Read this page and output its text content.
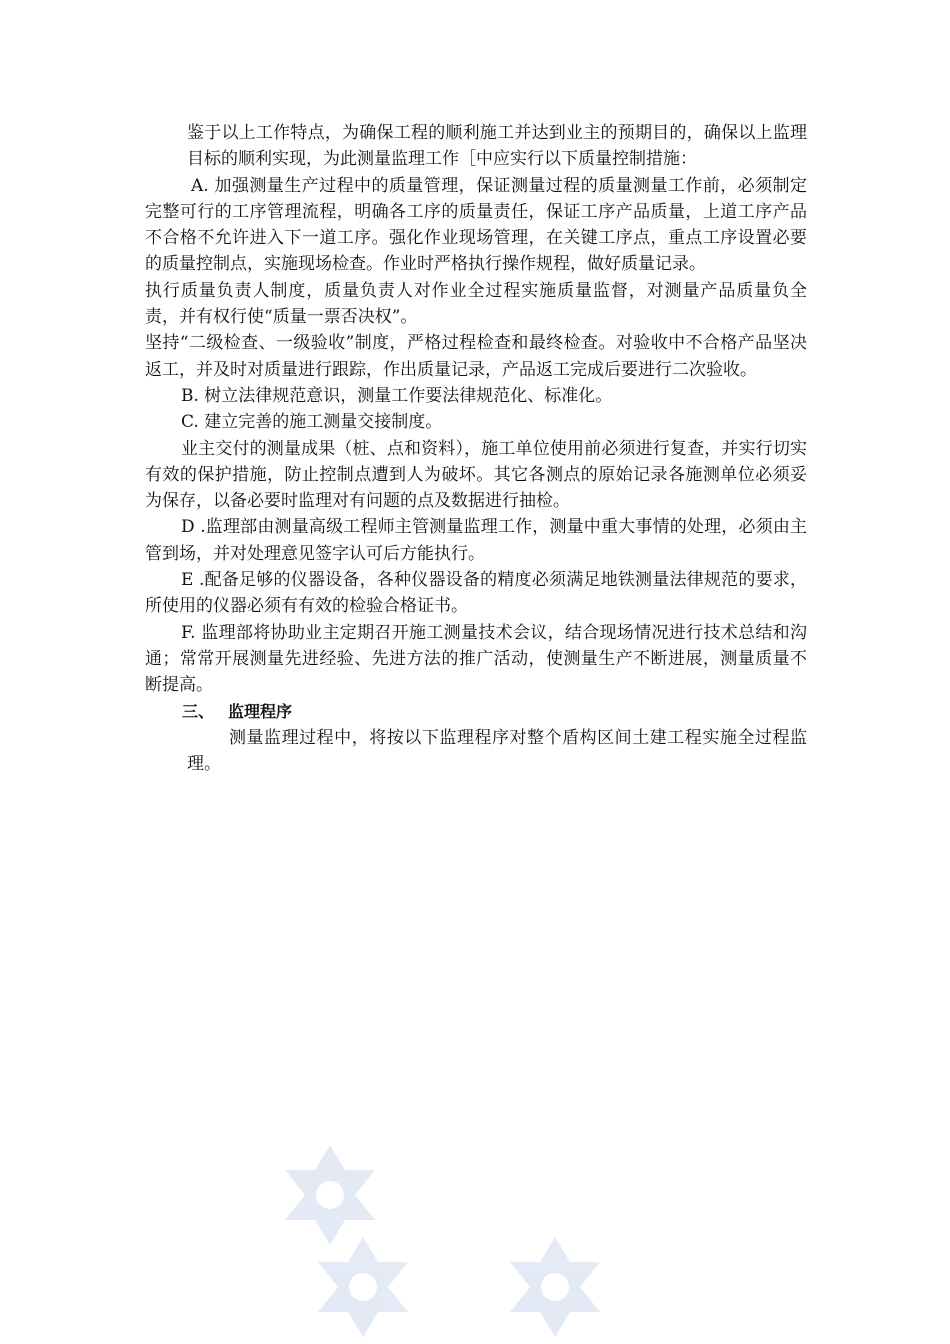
鉴于以上工作特点，为确保工程的顺利施工并达到业主的预期目的，确保以上监理目标的顺利实现，为此测量监理工作［中应实行以下质量控制措施：

A. 加强测量生产过程中的质量管理，保证测量过程的质量测量工作前，必须制定完整可行的工序管理流程，明确各工序的质量责任，保证工序产品质量，上道工序产品不合格不允许进入下一道工序。强化作业现场管理，在关键工序点，重点工序设置必要的质量控制点，实施现场检查。作业时严格执行操作规程，做好质量记录。

执行质量负责人制度，质量负责人对作业全过程实施质量监督，对测量产品质量负全责，并有权行使“质量一票否决权”。

坚持“二级检查、一级验收”制度，严格过程检查和最终检查。对验收中不合格产品坚决返工，并及时对质量进行跟踪，作出质量记录，产品返工完成后要进行二次验收。

B. 树立法律规范意识，测量工作要法律规范化、标准化。

C. 建立完善的施工测量交接制度。

业主交付的测量成果（桩、点和资料），施工单位使用前必须进行复查，并实行切实有效的保护措施，防止控制点遭到人为破坏。其它各测点的原始记录各施测单位必须妥为保存，以备必要时监理对有问题的点及数据进行抽检。

D .监理部由测量高级工程师主管测量监理工作，测量中重大事情的处理，必须由主管到场，并对处理意见签字认可后方能执行。

E .配备足够的仪器设备，各种仪器设备的精度必须满足地铁测量法律规范的要求，所使用的仪器必须有有效的检验合格证书。

F. 监理部将协助业主定期召开施工测量技术会议，结合现场情况进行技术总结和沟通；常常开展测量先进经验、先进方法的推广活动，使测量生产不断进展，测量质量不断提高。

三、 监理程序

测量监理过程中，将按以下监理程序对整个盾构区间土建工程实施全过程监理。
